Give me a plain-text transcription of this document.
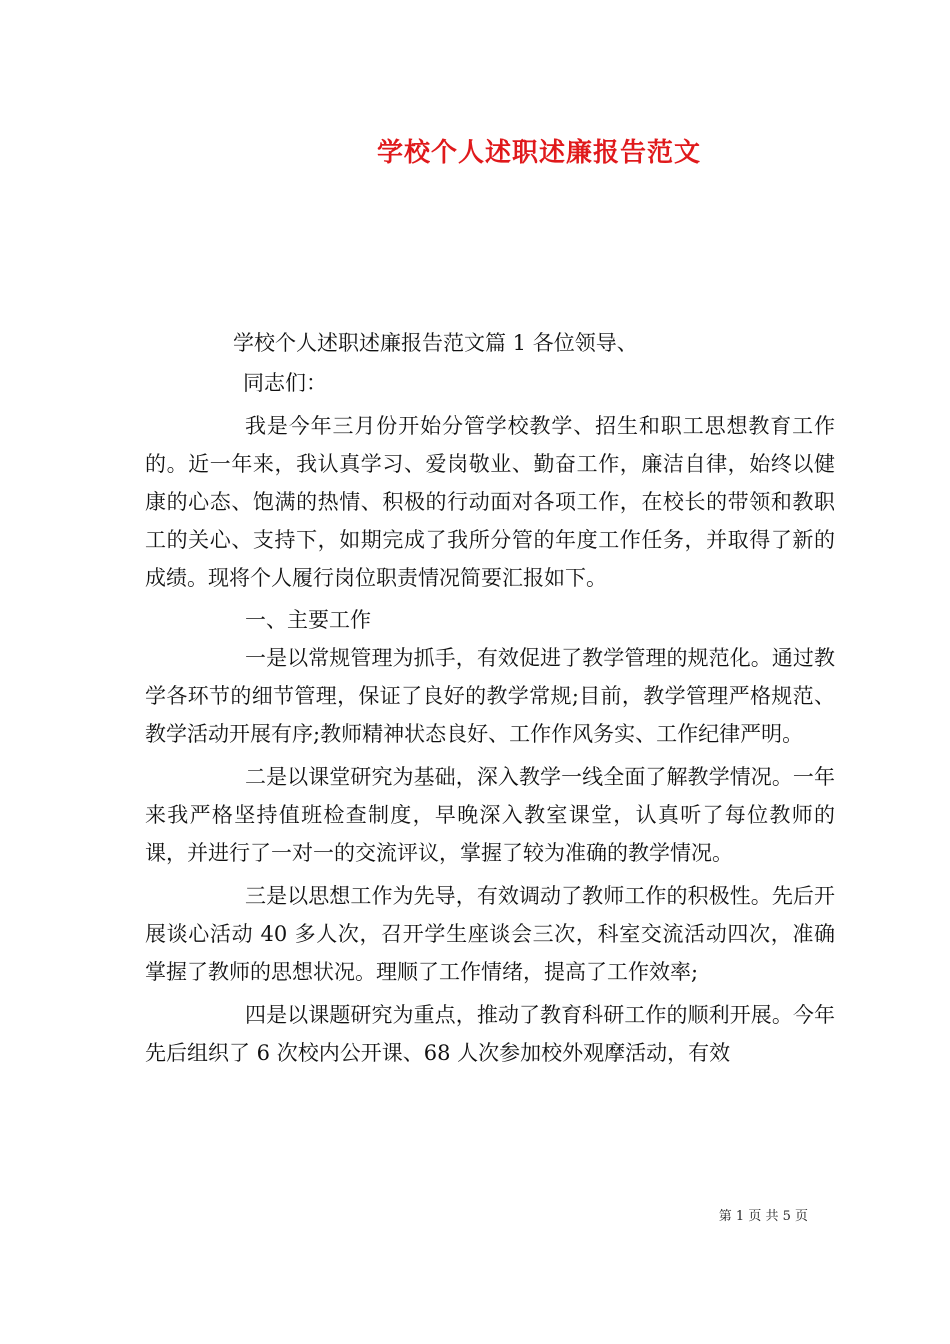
学校个人述职述廉报告范文

学校个人述职述廉报告范文篇 1 各位领导、

同志们：

我是今年三月份开始分管学校教学、招生和职工思想教育工作的。近一年来，我认真学习、爱岗敬业、勤奋工作，廉洁自律，始终以健康的心态、饱满的热情、积极的行动面对各项工作，在校长的带领和教职工的关心、支持下，如期完成了我所分管的年度工作任务，并取得了新的成绩。现将个人履行岗位职责情况简要汇报如下。

一、主要工作

一是以常规管理为抓手，有效促进了教学管理的规范化。通过教学各环节的细节管理，保证了良好的教学常规;目前，教学管理严格规范、教学活动开展有序;教师精神状态良好、工作作风务实、工作纪律严明。

二是以课堂研究为基础，深入教学一线全面了解教学情况。一年来我严格坚持值班检查制度，早晚深入教室课堂，认真听了每位教师的课，并进行了一对一的交流评议，掌握了较为准确的教学情况。

三是以思想工作为先导，有效调动了教师工作的积极性。先后开展谈心活动 40 多人次，召开学生座谈会三次，科室交流活动四次，准确掌握了教师的思想状况。理顺了工作情绪，提高了工作效率;

四是以课题研究为重点，推动了教育科研工作的顺利开展。今年先后组织了 6 次校内公开课、68 人次参加校外观摩活动，有效

第 1 页 共 5 页
